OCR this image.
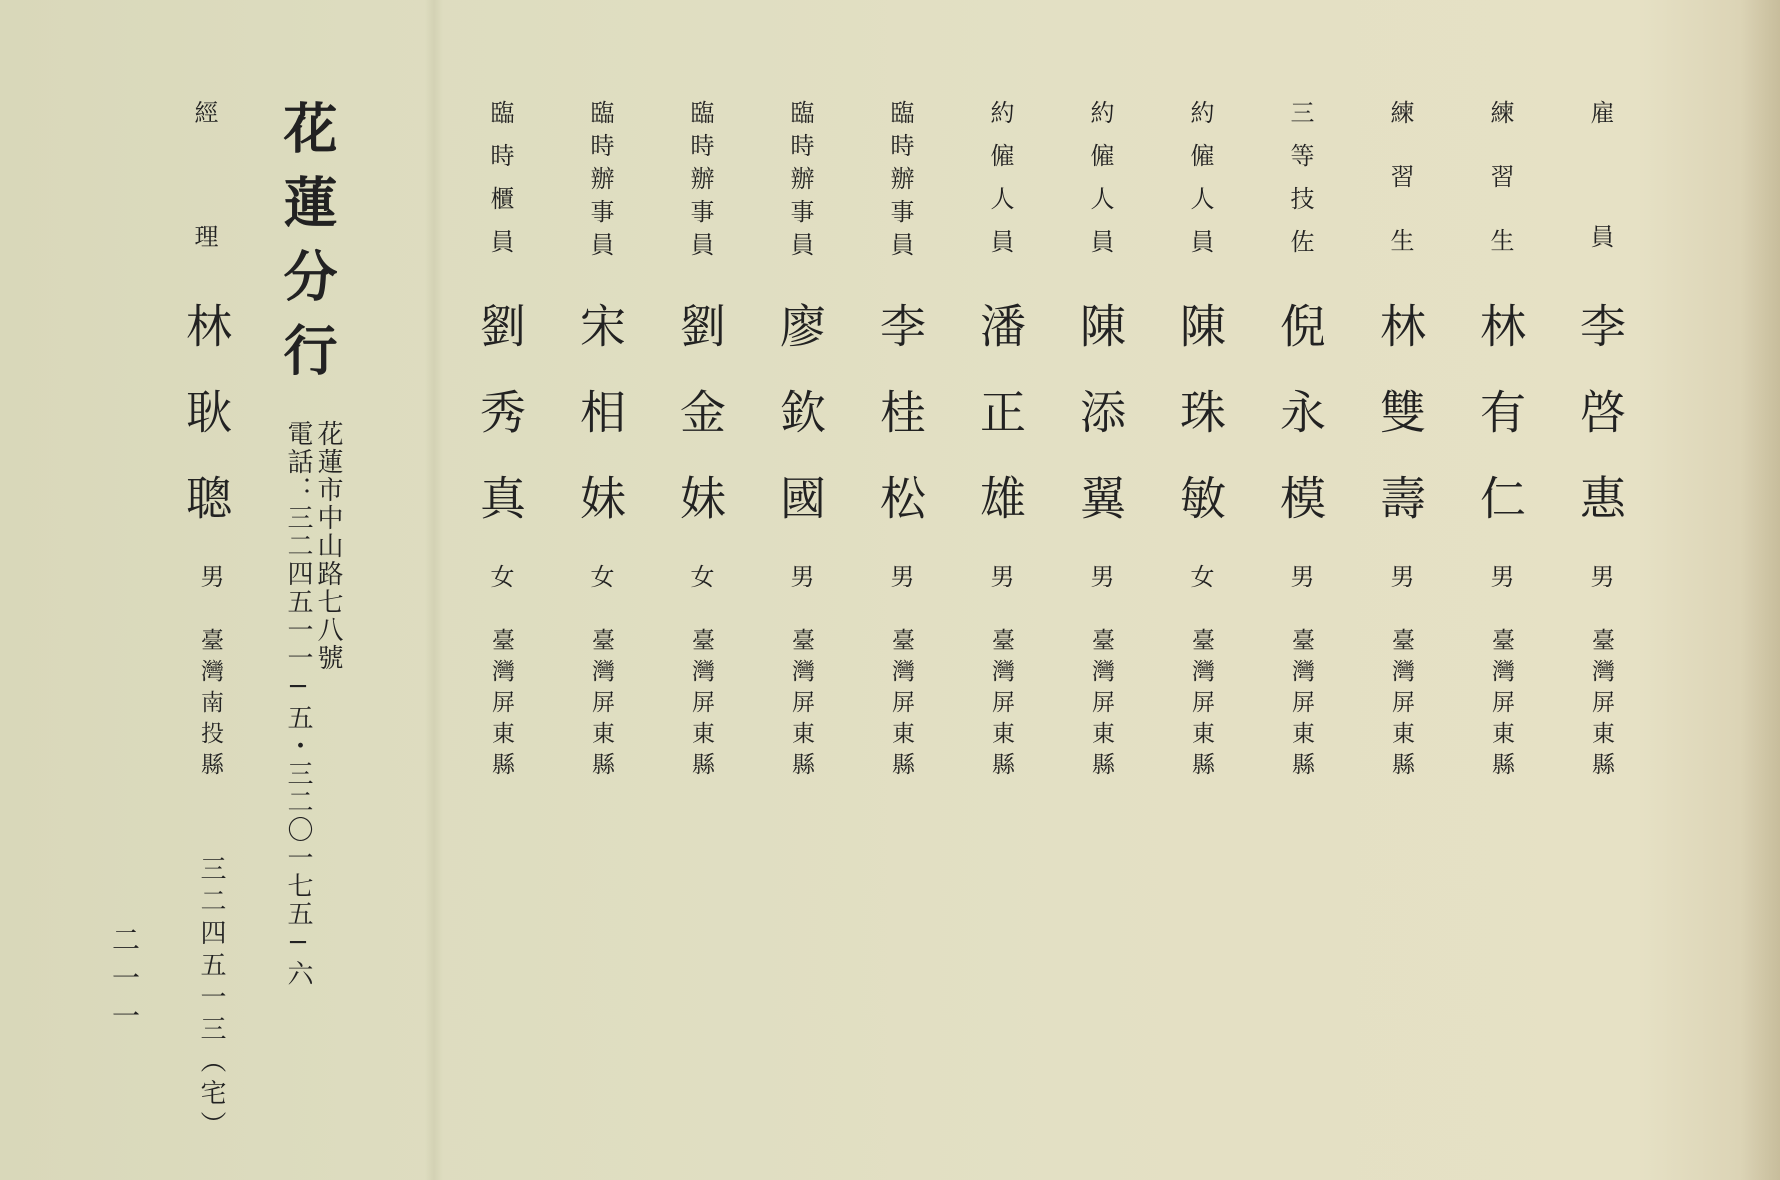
雇員
李啓惠
男
臺灣屏東縣
練習生
林有仁
男
臺灣屏東縣
練習生
林雙壽
男
臺灣屏東縣
三等技佐
倪永模
男
臺灣屏東縣
約僱人員
陳珠敏
女
臺灣屏東縣
約僱人員
陳添翼
男
臺灣屏東縣
約僱人員
潘正雄
男
臺灣屏東縣
臨時辦事員
李桂松
男
臺灣屏東縣
臨時辦事員
廖欽國
男
臺灣屏東縣
臨時辦事員
劉金妹
女
臺灣屏東縣
臨時辦事員
宋相妹
女
臺灣屏東縣
臨時櫃員
劉秀真
女
臺灣屏東縣
花蓮分行
花蓮市中山路七八號
電話：三二四五一一─五・三二〇一七五─六
經理
林耿聰
男
臺灣南投縣
三二四五一三（宅）
二一一
